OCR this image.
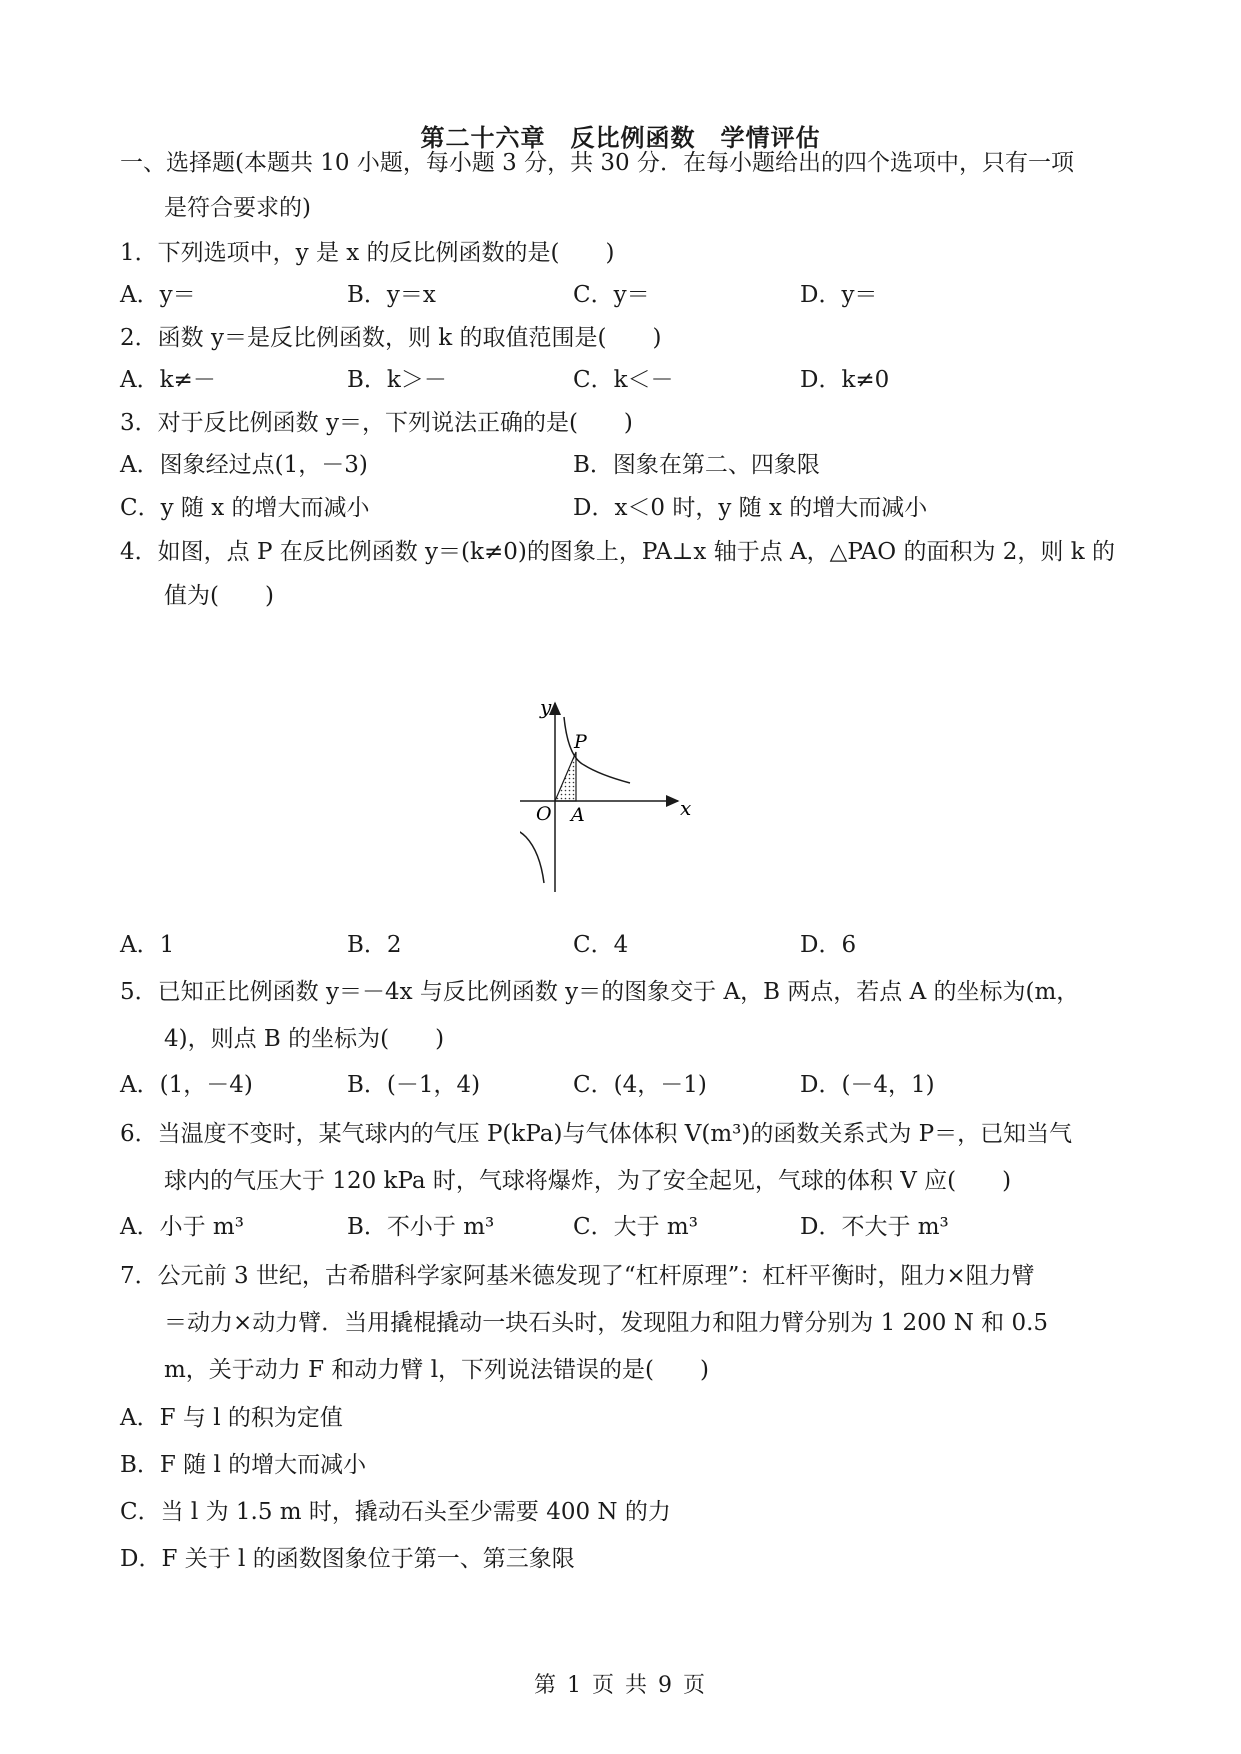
第二十六章　反比例函数　学情评估
一、选择题(本题共 10 小题，每小题 3 分，共 30 分．在每小题给出的四个选项中，只有一项
是符合要求的)
1．下列选项中，y 是 x 的反比例函数的是(　　)
A．y＝	B．y＝x	C．y＝	D．y＝
2．函数 y＝是反比例函数，则 k 的取值范围是(　　)
A．k≠－	B．k＞－	C．k＜－	D．k≠0
3．对于反比例函数 y＝，下列说法正确的是(　　)
A．图象经过点(1，－3)	B．图象在第二、四象限
C．y 随 x 的增大而减小	D．x＜0 时，y 随 x 的增大而减小
4．如图，点 P 在反比例函数 y＝(k≠0)的图象上，PA⊥x 轴于点 A，△PAO 的面积为 2，则 k 的
值为(　　)
y
x
O A
P
A．1	B．2	C．4	D．6
5．已知正比例函数 y＝－4x 与反比例函数 y＝的图象交于 A，B 两点，若点 A 的坐标为(m，
4)，则点 B 的坐标为(　　)
A．(1，－4)	B．(－1，4)	C．(4，－1)	D．(－4，1)
6．当温度不变时，某气球内的气压 P(kPa)与气体体积 V(m³)的函数关系式为 P＝，已知当气
球内的气压大于 120 kPa 时，气球将爆炸，为了安全起见，气球的体积 V 应(　　)
A．小于 m³	B．不小于 m³	C．大于 m³	D．不大于 m³
7．公元前 3 世纪，古希腊科学家阿基米德发现了“杠杆原理”：杠杆平衡时，阻力×阻力臂
＝动力×动力臂．当用撬棍撬动一块石头时，发现阻力和阻力臂分别为 1 200 N 和 0.5
m，关于动力 F 和动力臂 l，下列说法错误的是(　　)
A．F 与 l 的积为定值
B．F 随 l 的增大而减小
C．当 l 为 1.5 m 时，撬动石头至少需要 400 N 的力
D．F 关于 l 的函数图象位于第一、第三象限
第 1 页 共 9 页
